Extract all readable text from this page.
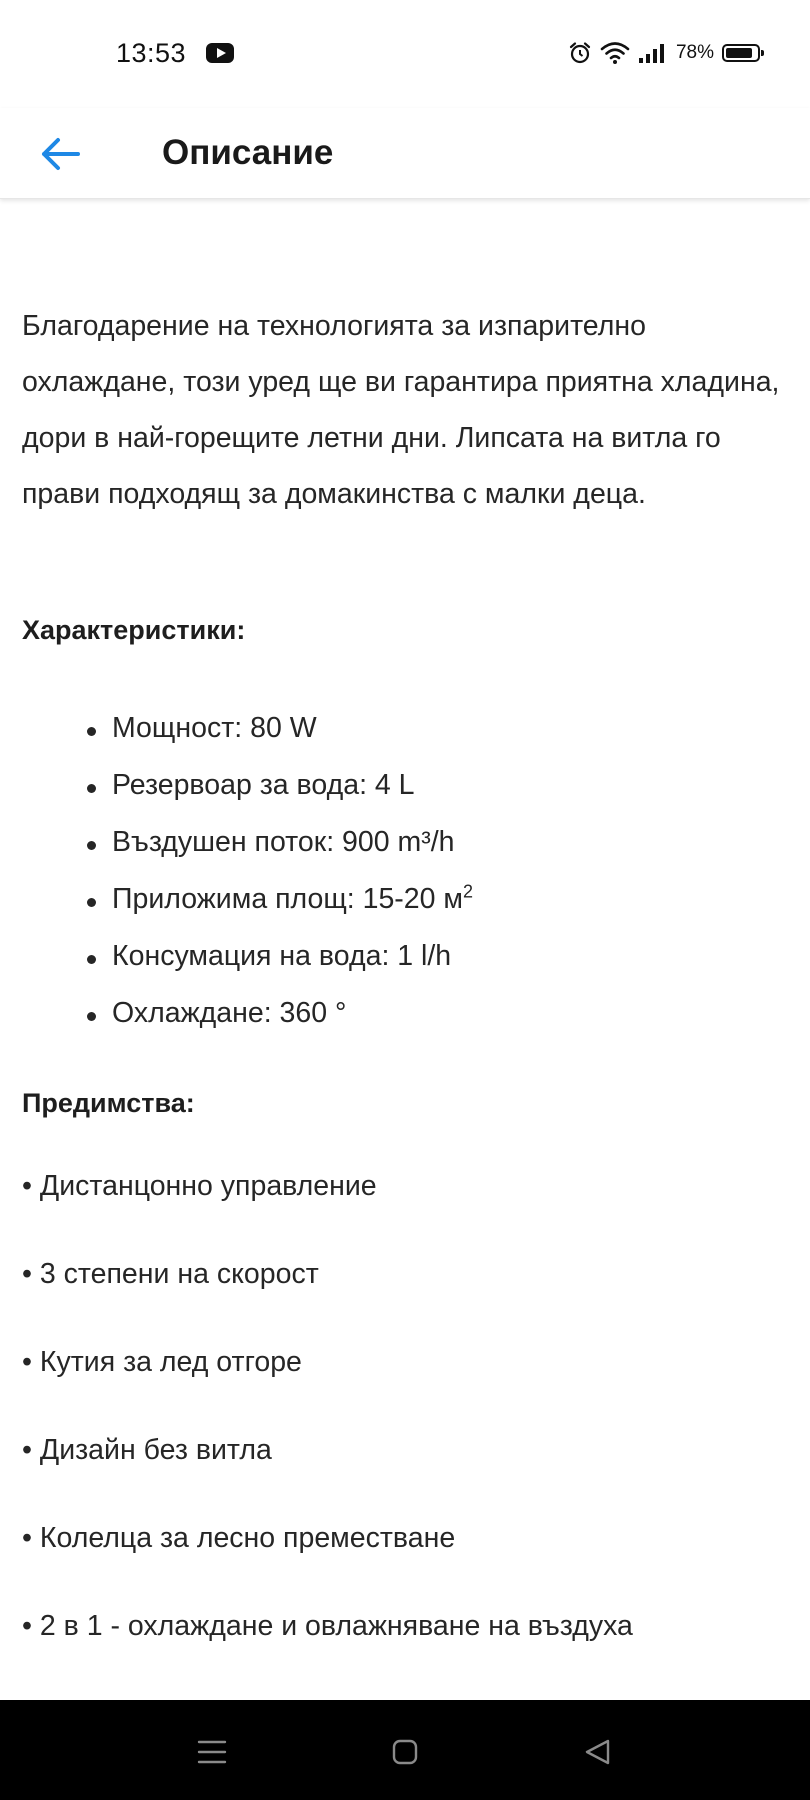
13:53	78%
Описание

Благодарение на технологията за изпарително охлаждане, този уред ще ви гарантира приятна хладина, дори в най-горещите летни дни. Липсата на витла го прави подходящ за домакинства с малки деца.

Характеристики:
Мощност: 80 W
Резервоар за вода: 4 L
Въздушен поток: 900 m³/h
Приложима площ: 15-20 $м^2$
Консумация на вода: 1 l/h
Охлаждане: 360 °
Предимства:
• Дистанцонно управление
• 3 степени на скорост
• Кутия за лед отгоре
• Дизайн без витла
• Колелца за лесно преместване
• 2 в 1 - охлаждане и овлажняване на въздуха
